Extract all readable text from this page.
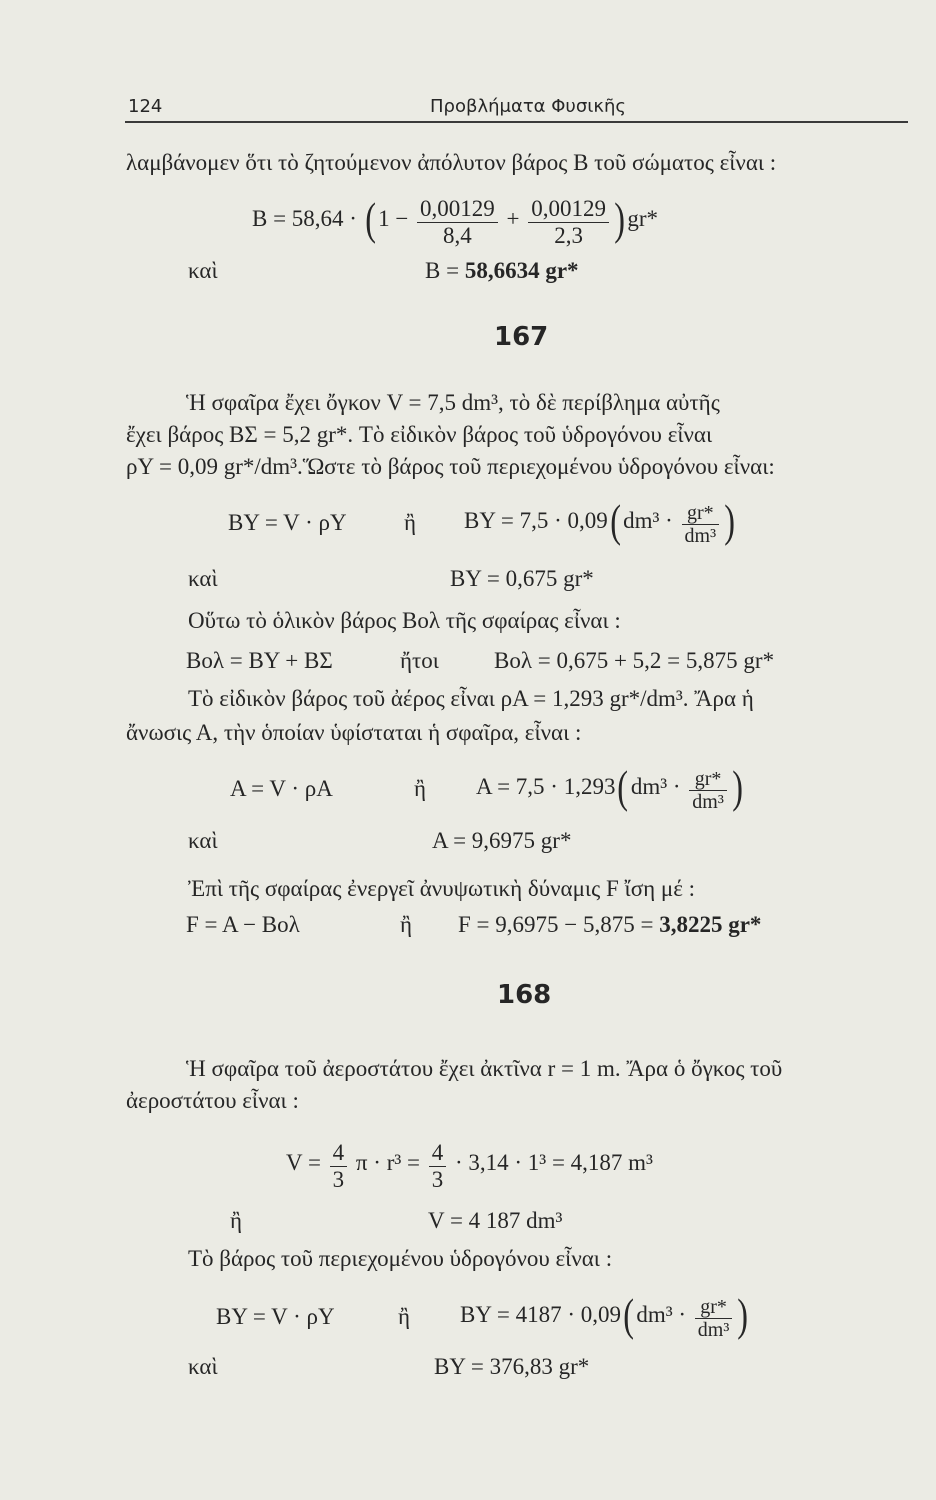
124	Προβλήματα Φυσικῆς
λαμβάνομεν ὅτι τὸ ζητούμενον ἀπόλυτον βάρος Β τοῦ σώματος εἶναι :
$B = 58,64 \cdot (1 - \frac{0,00129}{8,4} + \frac{0,00129}{2,3} )gr*$
καὶ	B = 58,6634 gr*
167
Ἡ σφαῖρα ἔχει ὄγκον V = 7,5 dm³, τὸ δὲ περίβλημα αὐτῆς
ἔχει βάρος ΒΣ = 5,2 gr*. Τὸ εἰδικὸν βάρος τοῦ ὑδρογόνου εἶναι
ρY = 0,09 gr*/dm³.Ὥστε τὸ βάρος τοῦ περιεχομένου ὑδρογόνου εἶναι:
BY = V · ρY ἢ BY = $7,5 \cdot 0,09(dm^3 \cdot \frac{gr*}{\text{dm³}}$ )
καὶ	BY = 0,675 gr*
Οὕτω τὸ ὁλικὸν βάρος Βολ τῆς σφαίρας εἶναι :
Bολ = BY + BΣ	ἤτοι Bολ = 0,675 + 5,2 = 5,875 gr*
Τὸ εἰδικὸν βάρος τοῦ ἀέρος εἶναι ρA = 1,293 gr*/dm³. Ἄρα ἡ
ἄνωσις Α, τὴν ὁποίαν ὑφίσταται ἡ σφαῖρα, εἶναι :
A = V · ρA	ἢ $A = 7,5 \cdot 1,293(dm^3 \cdot \frac{gr*}{\text{dm³}}$ )
καὶ	A = 9,6975 gr*
Ἐπὶ τῆς σφαίρας ἐνεργεῖ ἀνυψωτικὴ δύναμις F ἴση μέ :
F = A − Bολ	ἢ F = 9,6975 − 5,875 = 3,8225 gr*
168
Ἡ σφαῖρα τοῦ ἀεροστάτου ἔχει ἀκτῖνα r = 1 m. Ἄρα ὁ ὄγκος τοῦ
ἀεροστάτου εἶναι :
$V = \frac{4}{3}$ $\pi \cdot r^3 = \frac{4}{3} \cdot 3,14 \cdot 1^3 = 4,187$ m³
ἢ	V = 4 187 dm³
Τὸ βάρος τοῦ περιεχομένου ὑδρογόνου εἶναι :
BY = V · ρY	ἢ BY = $4187 \cdot 0,09(dm^3 \cdot \frac{gr*}{\text{dm³}}$ )
καὶ	BY = 376,83 gr*
